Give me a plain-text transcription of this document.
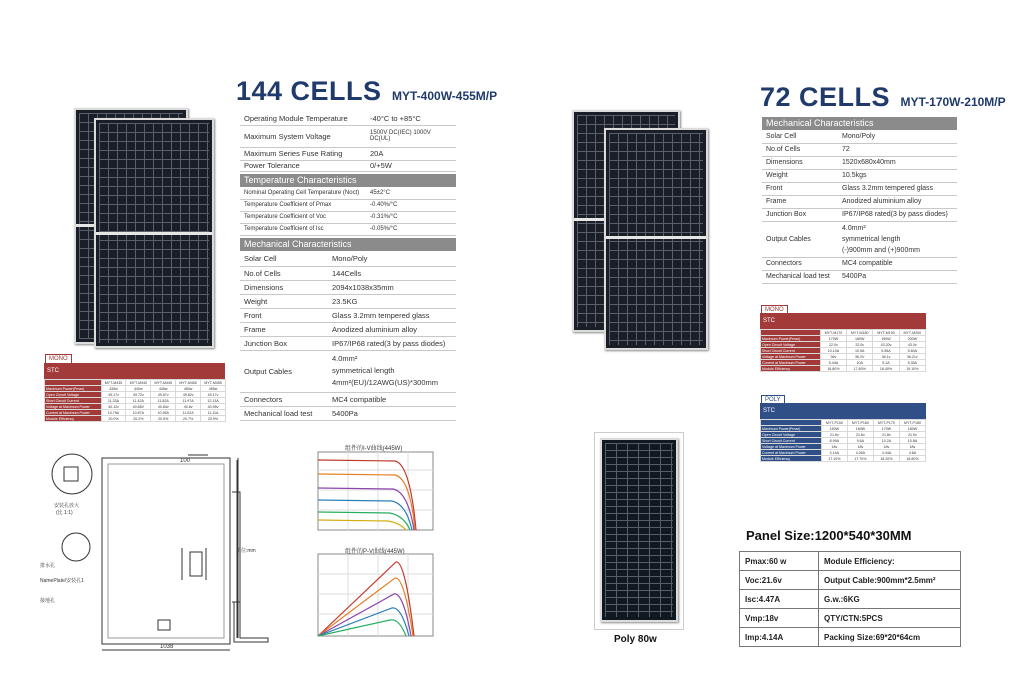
144 CELLS MYT-400W-455M/P
Operating Module Temperature	-40°C to +85°C
Maximum System Voltage	1500V DC(IEC) 1000V DC(UL)
Maximum Series Fuse Rating	20A
Power Tolerance	0/+5W
Temperature Characteristics
Nominal Operating Cell Temperature (Noct)	45±2°C
Temperature Coefficient of Pmax	-0.40%/°C
Temperature Coefficient of Voc	-0.31%/°C
Temperature Coefficient of Isc	-0.05%/°C
Mechanical Characteristics
Solar Cell	Mono/Poly
No.of Cells	144Cells
Dimensions	2094x1038x35mm
Weight	23.5KG
Front	Glass 3.2mm tempered glass
Frame	Anodized aluminium alloy
Junction Box	IP67/IP68 rated(3 by pass diodes)
Output Cables	4.0mm²
symmetrical length
4mm²(EU)/12AWG(US)*300mm

Connectors	MC4 compatible
Mechanical load test	5400Pa
MONO
STC
	MYT-M435	MYT-M440	MYT-M445	MYT-M450	MYT-M455
Maximum Power(Pmax)	435w	440w	445w	450w	455w
Open Circuit Voltage	49.17v	49.72v	49.87v	49.82v	49.17v
Short Circuit Current	11.33A	11.42A	11.82A	11.97A	12.13A
Voltage at Maximum Power	40.12v	40.68V	40.84v	40.8v	40.95v
Current at Maximum Power	10.79A	10.87A	10.95A	11.02A	11.11A
Module Efficiency	20.0%	20.2%	20.5%	20.7%	20.9%
100
1038
安装孔放大
(比 1:1)
排水孔
接地孔
NamePlate/安装孔1
单位:mm
组件的I-V曲线(445W)
组件的P-V曲线(445W)
72 CELLS MYT-170W-210M/P
Mechanical Characteristics
Solar Cell	Mono/Poly
No.of Cells	72
Dimensions	1520x680x40mm
Weight	10.5kgs
Front	Glass 3.2mm tempered glass
Frame	Anodized aluminium alloy
Junction Box	IP67/IP68 rated(3 by pass diodes)
Output Cables	4.0mm²
symmetrical length
(-)900mm and (+)900mm

Connectors	MC4 compatible
Mechanical load test	5400Pa
MONO
STC
	MYT-M170	MYT-M180	MYT-M190	MYT-M200
Maximum Power(Pmax)	170W	180W	190W	200W
Open Circuit Voltage	22.0v	22.0v	43.20v	43.0v
Short Circuit Current	10.10A	10.5A	5.55A	5.60A
Voltage at Maximum Power	36v	36.2V	36.1v	36.21v
Current at Maximum Power	5.44A	10A	5.1A	5.35A
Module Efficiency	16.80%	17.60%	18.40%	19.10%
POLY
STC
	MYT-P150	MYT-P160	MYT-P170	MYT-P180
Maximum Power(Pmax)	150W	160W	170W	180W
Open Circuit Voltage	21.6v	21.6v	21.8v	21.9v
Short Circuit Current	8.99A	9.6A	10.2A	10.8A
Voltage at Maximum Power	18v	18v	18v	18v
Current at Maximum Power	4.14A	4.26A	4.44A	4.6A
Module Efficiency	17.10%	17.70%	18.20%	18.80%
Poly 80w
Panel Size:1200*540*30MM
Pmax:60 w	Module Efficiency:
Voc:21.6v	Output Cable:900mm*2.5mm²
Isc:4.47A	G.w.:6KG
Vmp:18v	QTY/CTN:5PCS
Imp:4.14A	Packing Size:69*20*64cm
